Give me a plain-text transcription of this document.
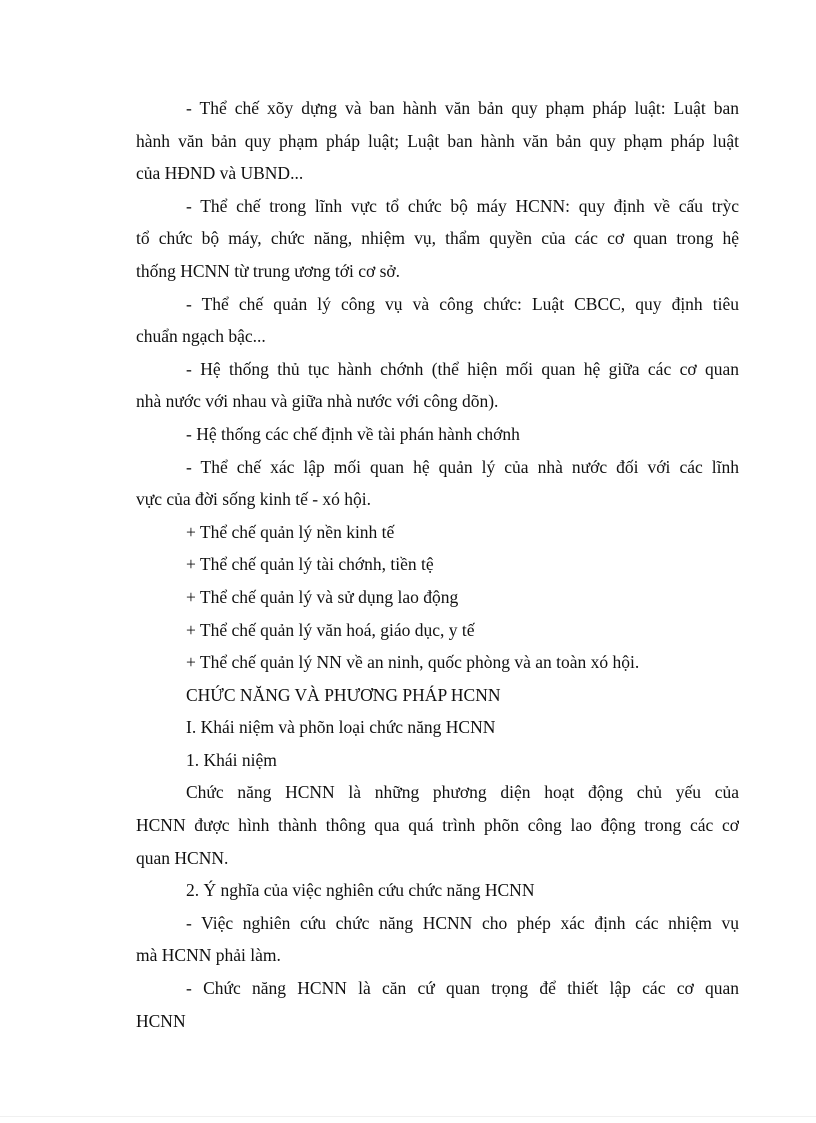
- Thể chế xõy dựng và ban hành văn bản quy phạm pháp luật: Luật ban
hành văn bản quy phạm pháp luật; Luật ban hành văn bản quy phạm pháp luật
của HĐND và UBND...
- Thể chế trong lĩnh vực tổ chức bộ máy HCNN: quy định về cấu trỳc
tổ chức bộ máy, chức năng, nhiệm vụ, thẩm quyền của các cơ quan trong hệ
thống HCNN từ trung ương tới cơ sở.
- Thể chế quản lý công vụ và công chức: Luật CBCC, quy định tiêu
chuẩn ngạch bậc...
- Hệ thống thủ tục hành chớnh (thể hiện mối quan hệ giữa các cơ quan
nhà nước với nhau và giữa nhà nước với công dõn).
- Hệ thống các chế định về tài phán hành chớnh
- Thể chế xác lập mối quan hệ quản lý của nhà nước đối với các lĩnh
vực của đời sống kinh tế - xó hội.
+ Thể chế quản lý nền kinh tế
+ Thể chế quản lý tài chớnh, tiền tệ
+ Thể chế quản lý và sử dụng lao động
+ Thể chế quản lý văn hoá, giáo dục, y tế
+ Thể chế quản lý NN về an ninh, quốc phòng và an toàn xó hội.
CHỨC NĂNG VÀ PHƯƠNG PHÁP HCNN
I. Khái niệm và phõn loại chức năng HCNN
1. Khái niệm
Chức năng HCNN là những phương diện hoạt động chủ yếu của
HCNN được hình thành thông qua quá trình phõn công lao động trong các cơ
quan HCNN.
2. Ý nghĩa của việc nghiên cứu chức năng HCNN
- Việc nghiên cứu chức năng HCNN cho phép xác định các nhiệm vụ
mà HCNN phải làm.
- Chức năng HCNN là căn cứ quan trọng để thiết lập các cơ quan
HCNN
